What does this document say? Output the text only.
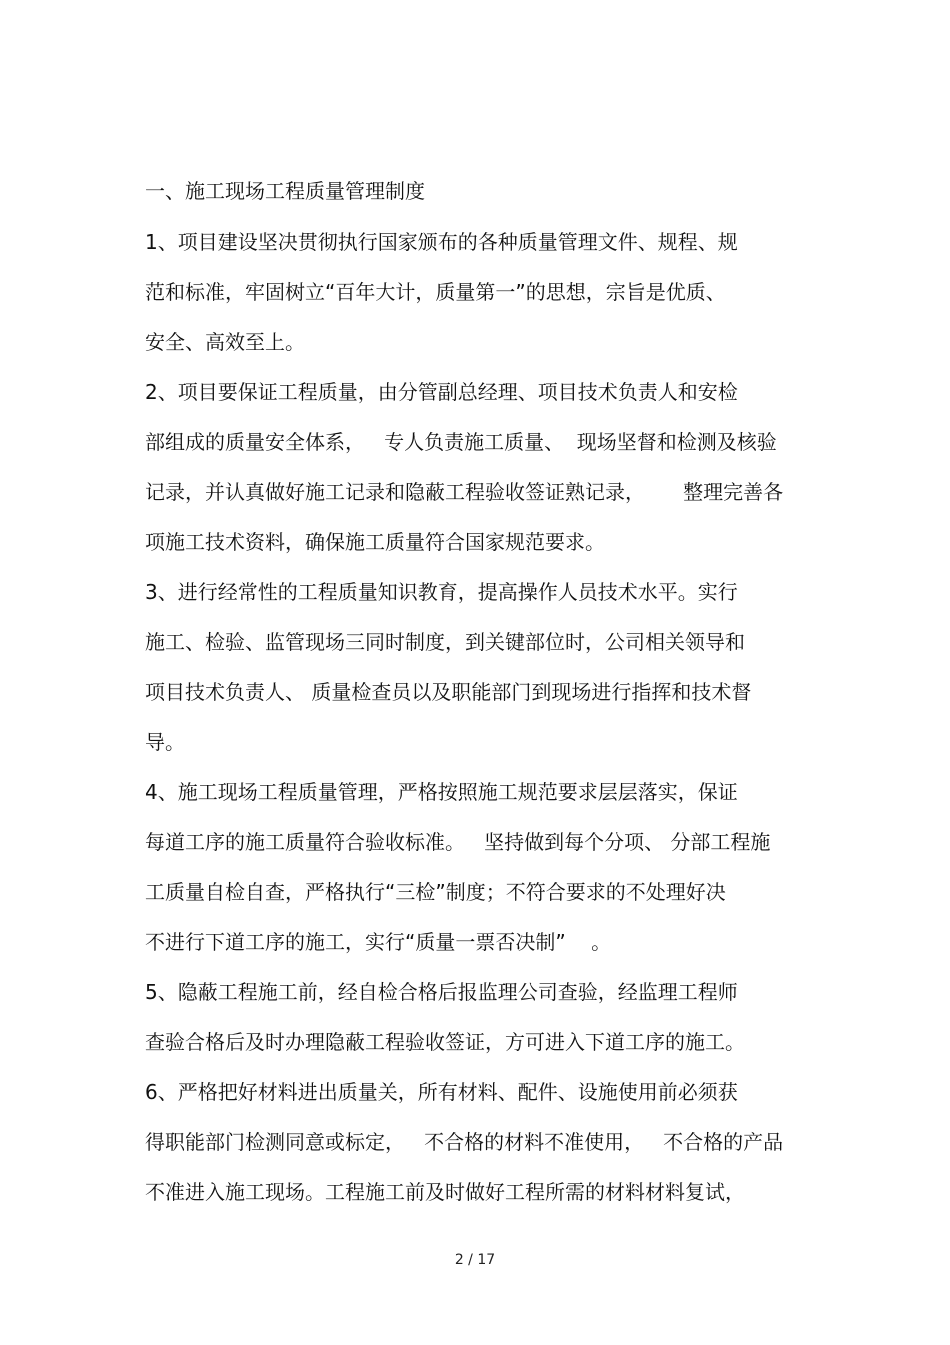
一、施工现场工程质量管理制度
1、项目建设坚决贯彻执行国家颁布的各种质量管理文件、规程、规
范和标准，牢固树立“百年大计，质量第一”的思想，宗旨是优质、
安全、高效至上。
2、项目要保证工程质量，由分管副总经理、项目技术负责人和安检
部组成的质量安全体系，   专人负责施工质量、  现场坚督和检测及核验
记录，并认真做好施工记录和隐蔽工程验收签证熟记录，      整理完善各
项施工技术资料，确保施工质量符合国家规范要求。
3、进行经常性的工程质量知识教育，提高操作人员技术水平。实行
施工、检验、监管现场三同时制度，到关键部位时，公司相关领导和
项目技术负责人、 质量检查员以及职能部门到现场进行指挥和技术督
导。
4、施工现场工程质量管理，严格按照施工规范要求层层落实，保证
每道工序的施工质量符合验收标准。   坚持做到每个分项、 分部工程施
工质量自检自查，严格执行“三检”制度；不符合要求的不处理好决
不进行下道工序的施工，实行“质量一票否决制”    。
5、隐蔽工程施工前，经自检合格后报监理公司查验，经监理工程师
查验合格后及时办理隐蔽工程验收签证，方可进入下道工序的施工。
6、严格把好材料进出质量关，所有材料、配件、设施使用前必须获
得职能部门检测同意或标定，   不合格的材料不准使用，   不合格的产品
不准进入施工现场。工程施工前及时做好工程所需的材料材料复试，
2 / 17
